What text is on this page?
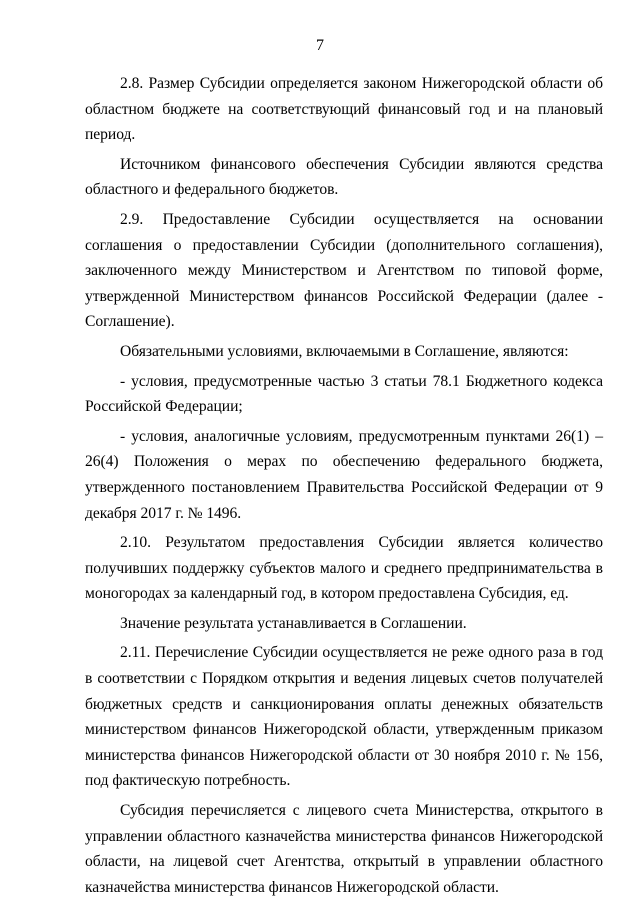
7

2.8. Размер Субсидии определяется законом Нижегородской области об областном бюджете на соответствующий финансовый год и на плановый период.

Источником финансового обеспечения Субсидии являются средства областного и федерального бюджетов.

2.9. Предоставление Субсидии осуществляется на основании соглашения о предоставлении Субсидии (дополнительного соглашения), заключенного между Министерством и Агентством по типовой форме, утвержденной Министерством финансов Российской Федерации (далее - Соглашение).

Обязательными условиями, включаемыми в Соглашение, являются:

- условия, предусмотренные частью 3 статьи 78.1 Бюджетного кодекса Российской Федерации;

- условия, аналогичные условиям, предусмотренным пунктами 26(1) – 26(4) Положения о мерах по обеспечению федерального бюджета, утвержденного постановлением Правительства Российской Федерации от 9 декабря 2017 г. № 1496.

2.10. Результатом предоставления Субсидии является количество получивших поддержку субъектов малого и среднего предпринимательства в моногородах за календарный год, в котором предоставлена Субсидия, ед.

Значение результата устанавливается в Соглашении.

2.11. Перечисление Субсидии осуществляется не реже одного раза в год в соответствии с Порядком открытия и ведения лицевых счетов получателей бюджетных средств и санкционирования оплаты денежных обязательств министерством финансов Нижегородской области, утвержденным приказом министерства финансов Нижегородской области от 30 ноября 2010 г. № 156, под фактическую потребность.

Субсидия перечисляется с лицевого счета Министерства, открытого в управлении областного казначейства министерства финансов Нижегородской области, на лицевой счет Агентства, открытый в управлении областного казначейства министерства финансов Нижегородской области.
